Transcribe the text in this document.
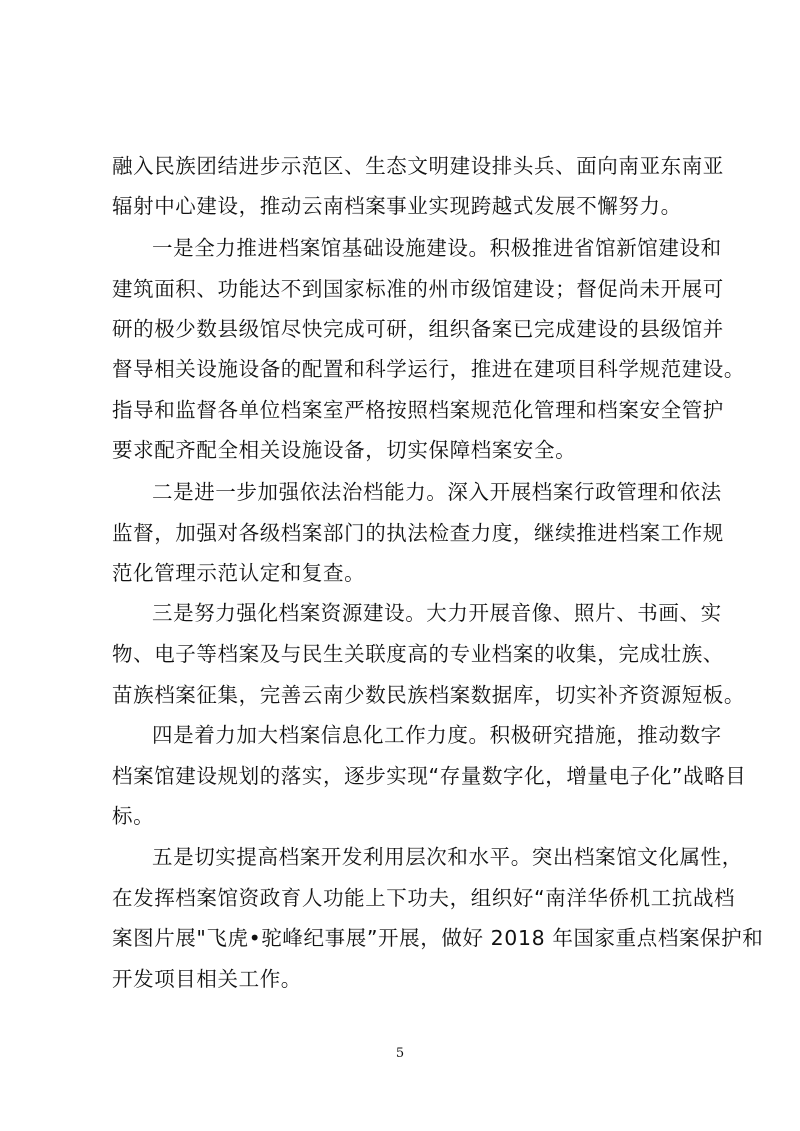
融入民族团结进步示范区、生态文明建设排头兵、面向南亚东南亚
辐射中心建设，推动云南档案事业实现跨越式发展不懈努力。
一是全力推进档案馆基础设施建设。积极推进省馆新馆建设和
建筑面积、功能达不到国家标准的州市级馆建设；督促尚未开展可
研的极少数县级馆尽快完成可研，组织备案已完成建设的县级馆并
督导相关设施设备的配置和科学运行，推进在建项目科学规范建设。
指导和监督各单位档案室严格按照档案规范化管理和档案安全管护
要求配齐配全相关设施设备，切实保障档案安全。
二是进一步加强依法治档能力。深入开展档案行政管理和依法
监督，加强对各级档案部门的执法检查力度，继续推进档案工作规
范化管理示范认定和复查。
三是努力强化档案资源建设。大力开展音像、照片、书画、实
物、电子等档案及与民生关联度高的专业档案的收集，完成壮族、
苗族档案征集，完善云南少数民族档案数据库，切实补齐资源短板。
四是着力加大档案信息化工作力度。积极研究措施，推动数字
档案馆建设规划的落实，逐步实现“存量数字化，增量电子化”战略目
标。
五是切实提高档案开发利用层次和水平。突出档案馆文化属性，
在发挥档案馆资政育人功能上下功夫，组织好“南洋华侨机工抗战档
案图片展"飞虎•驼峰纪事展”开展，做好 2018 年国家重点档案保护和
开发项目相关工作。
5
